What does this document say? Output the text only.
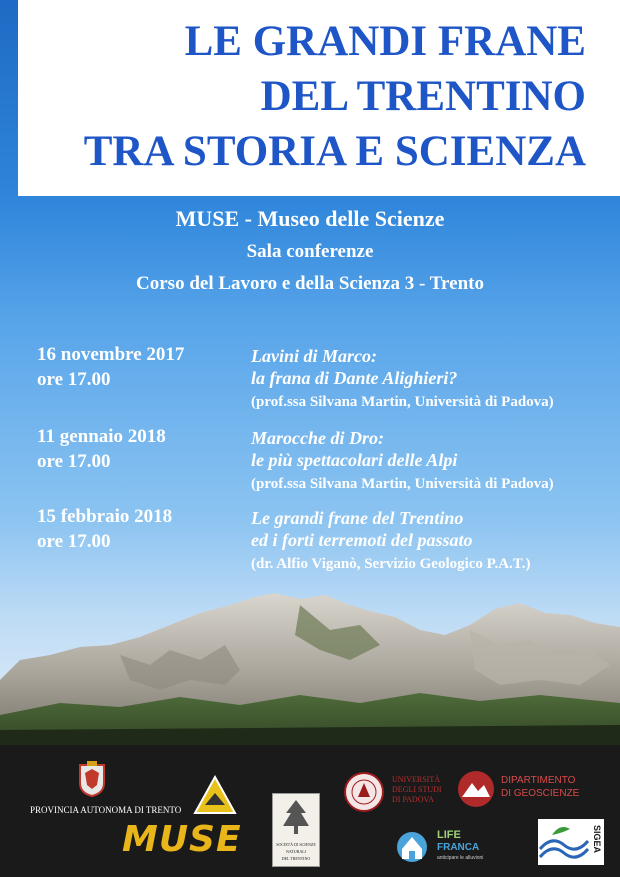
LE GRANDI FRANE
DEL TRENTINO
TRA STORIA E SCIENZA
MUSE - Museo delle Scienze
Sala conferenze
Corso del Lavoro e della Scienza 3 - Trento
16 novembre 2017
ore 17.00
Lavini di Marco:
la frana di Dante Alighieri?
(prof.ssa Silvana Martin, Università di Padova)
11 gennaio 2018
ore 17.00
Marocche di Dro:
le più spettacolari delle Alpi
(prof.ssa Silvana Martin, Università di Padova)
15 febbraio 2018
ore 17.00
Le grandi frane del Trentino
ed i forti terremoti del passato
(dr. Alfio Viganò, Servizio Geologico P.A.T.)
PROVINCIA AUTONOMA DI TRENTO
MUSE	SOCIETÀ DI SCIENZE
NATURALI
DEL TRENTINO
UNIVERSITÀ
DEGLI STUDI
DI PADOVA
DIPARTIMENTO
DI GEOSCIENZE
LIFE
FRANCA
anticipare le alluvioni
SIGEA
